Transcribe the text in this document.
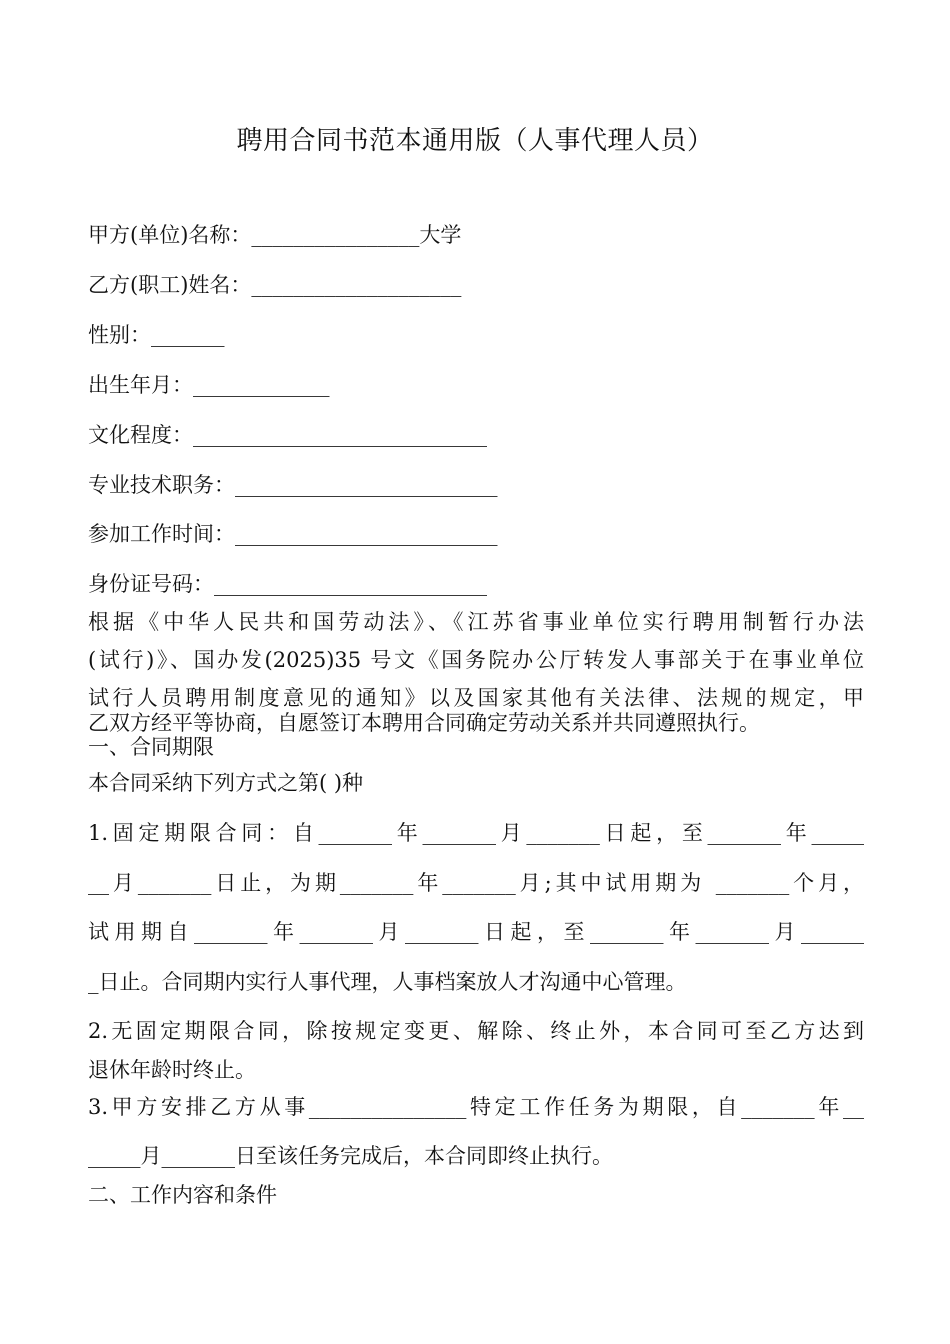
聘用合同书范本通用版（人事代理人员）
甲方(单位)名称：________________大学
乙方(职工)姓名：____________________
性别：_______
出生年月：_____________
文化程度：____________________________
专业技术职务：_________________________
参加工作时间：_________________________
身份证号码：__________________________
根据《中华人民共和国劳动法》、《江苏省事业单位实行聘用制暂行办法
(试行)》、国办发(2025)35 号文《国务院办公厅转发人事部关于在事业单位
试行人员聘用制度意见的通知》以及国家其他有关法律、法规的规定，甲
乙双方经平等协商，自愿签订本聘用合同确定劳动关系并共同遵照执行。
一、合同期限
本合同采纳下列方式之第( )种
1.固定期限合同：自_______年_______月_______日起，至_______年_____
__月_______日止，为期_______年_______月;其中试用期为 _______个月，
试用期自_______年_______月_______日起，至_______年_______月______
_日止。合同期内实行人事代理，人事档案放人才沟通中心管理。
2.无固定期限合同，除按规定变更、解除、终止外，本合同可至乙方达到
退休年龄时终止。
3.甲方安排乙方从事_______________特定工作任务为期限，自_______年__
_____月_______日至该任务完成后，本合同即终止执行。
二、工作内容和条件
